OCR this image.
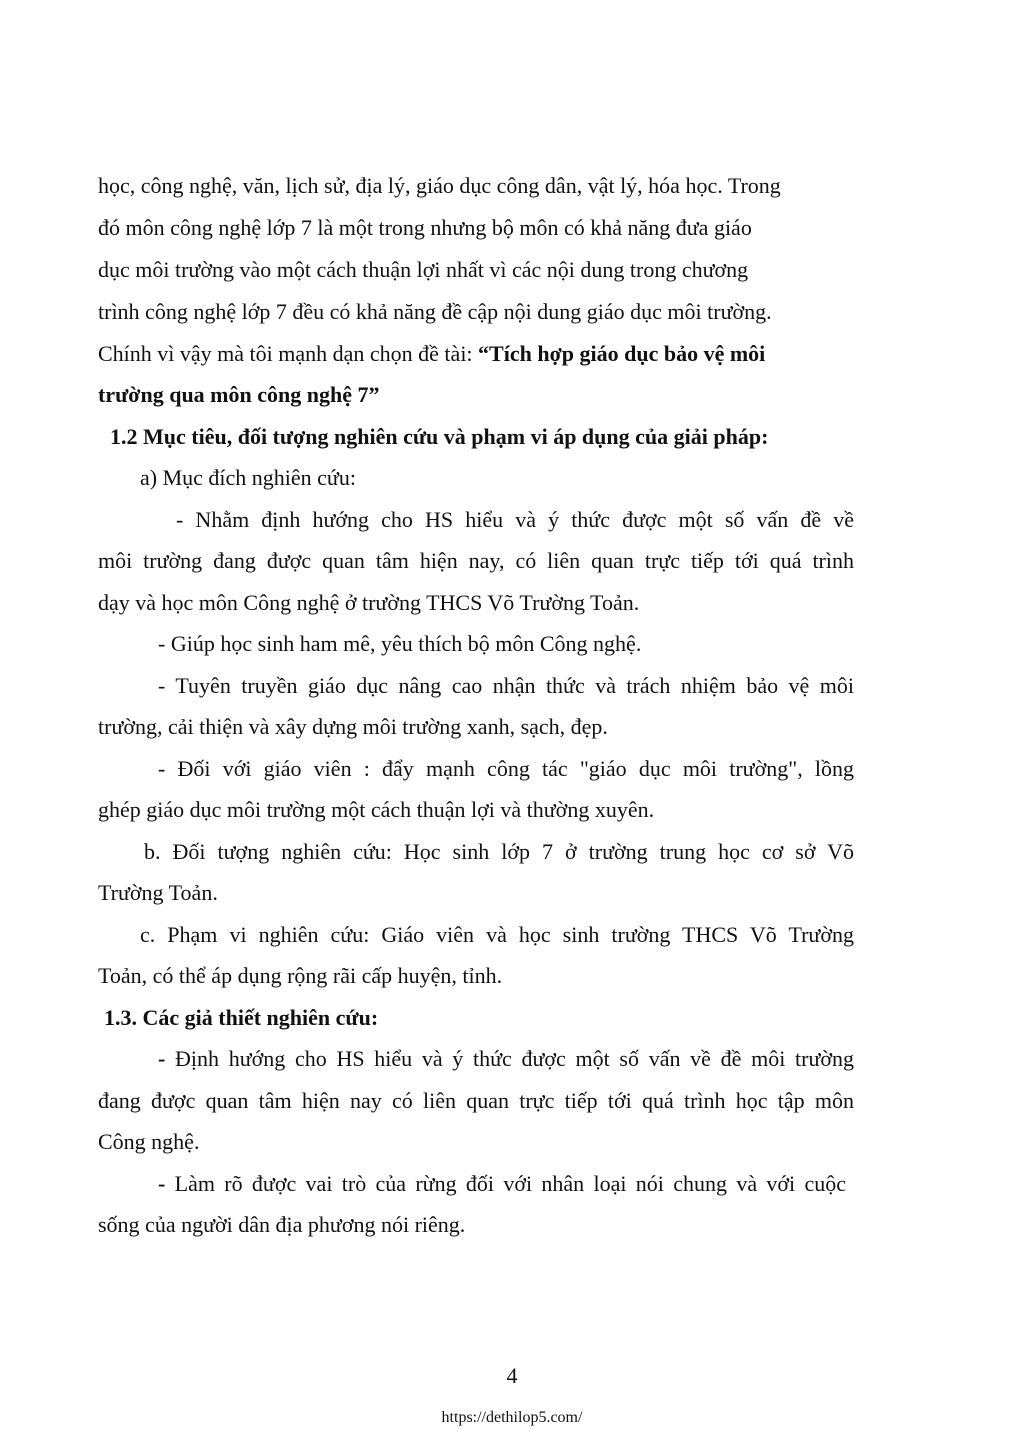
học, công nghệ, văn, lịch sử, địa lý, giáo dục công dân, vật lý, hóa học. Trong
đó môn công nghệ lớp 7 là một trong nhưng bộ môn có khả năng đưa giáo
dục môi trường vào một cách thuận lợi nhất vì các nội dung trong chương
trình công nghệ lớp 7 đều có khả năng đề cập nội dung giáo dục môi trường.
Chính vì vậy mà tôi mạnh dạn chọn đề tài: “Tích hợp giáo dục bảo vệ môi
trường qua môn công nghệ 7”
1.2 Mục tiêu, đối tượng nghiên cứu và phạm vi áp dụng của giải pháp:
a) Mục đích nghiên cứu:
- Nhằm định hướng cho HS hiểu và ý thức được một số vấn đề về
môi trường đang được quan tâm hiện nay, có liên quan trực tiếp tới quá trình
dạy và học môn Công nghệ ở trường THCS Võ Trường Toản.
- Giúp học sinh ham mê, yêu thích bộ môn Công nghệ.
- Tuyên truyền giáo dục nâng cao nhận thức và trách nhiệm bảo vệ môi
trường, cải thiện và xây dựng môi trường xanh, sạch, đẹp.
- Đối với giáo viên : đẩy mạnh công tác "giáo dục môi trường", lồng
ghép giáo dục môi trường một cách thuận lợi và thường xuyên.
b. Đối tượng nghiên cứu: Học sinh lớp 7 ở trường trung học cơ sở Võ
Trường Toản.
c. Phạm vi nghiên cứu: Giáo viên và học sinh trường THCS Võ Trường
Toản, có thể áp dụng rộng rãi cấp huyện, tỉnh.
1.3. Các giả thiết nghiên cứu:
- Định hướng cho HS hiểu và ý thức được một số vấn về đề môi trường
đang được quan tâm hiện nay có liên quan trực tiếp tới quá trình học tập môn
Công nghệ.
- Làm rõ được vai trò của rừng đối với nhân loại nói chung và với cuộc
sống của người dân địa phương nói riêng.
4
https://dethilop5.com/
